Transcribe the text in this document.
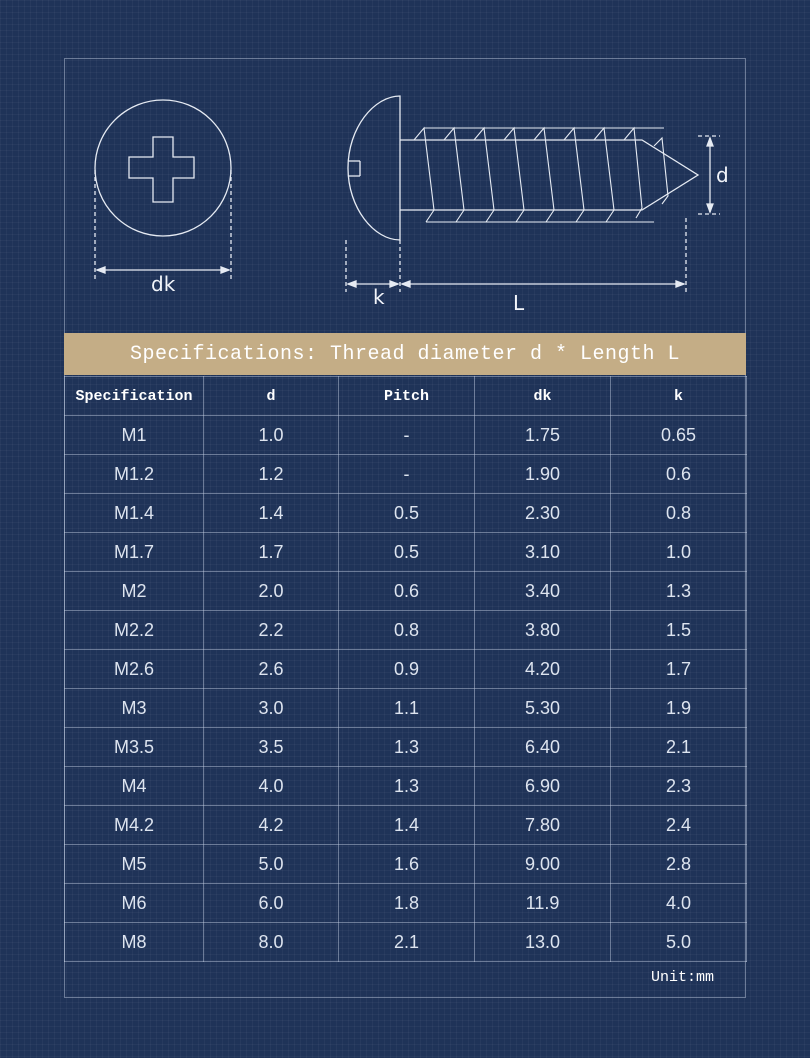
dk
k	L
d
Specifications: Thread diameter d * Length L
Specification	d	Pitch	dk	k
M1	1.0	-	1.75	0.65
M1.2	1.2	-	1.90	0.6
M1.4	1.4	0.5	2.30	0.8
M1.7	1.7	0.5	3.10	1.0
M2	2.0	0.6	3.40	1.3
M2.2	2.2	0.8	3.80	1.5
M2.6	2.6	0.9	4.20	1.7
M3	3.0	1.1	5.30	1.9
M3.5	3.5	1.3	6.40	2.1
M4	4.0	1.3	6.90	2.3
M4.2	4.2	1.4	7.80	2.4
M5	5.0	1.6	9.00	2.8
M6	6.0	1.8	11.9	4.0
M8	8.0	2.1	13.0	5.0
Unit:mm
